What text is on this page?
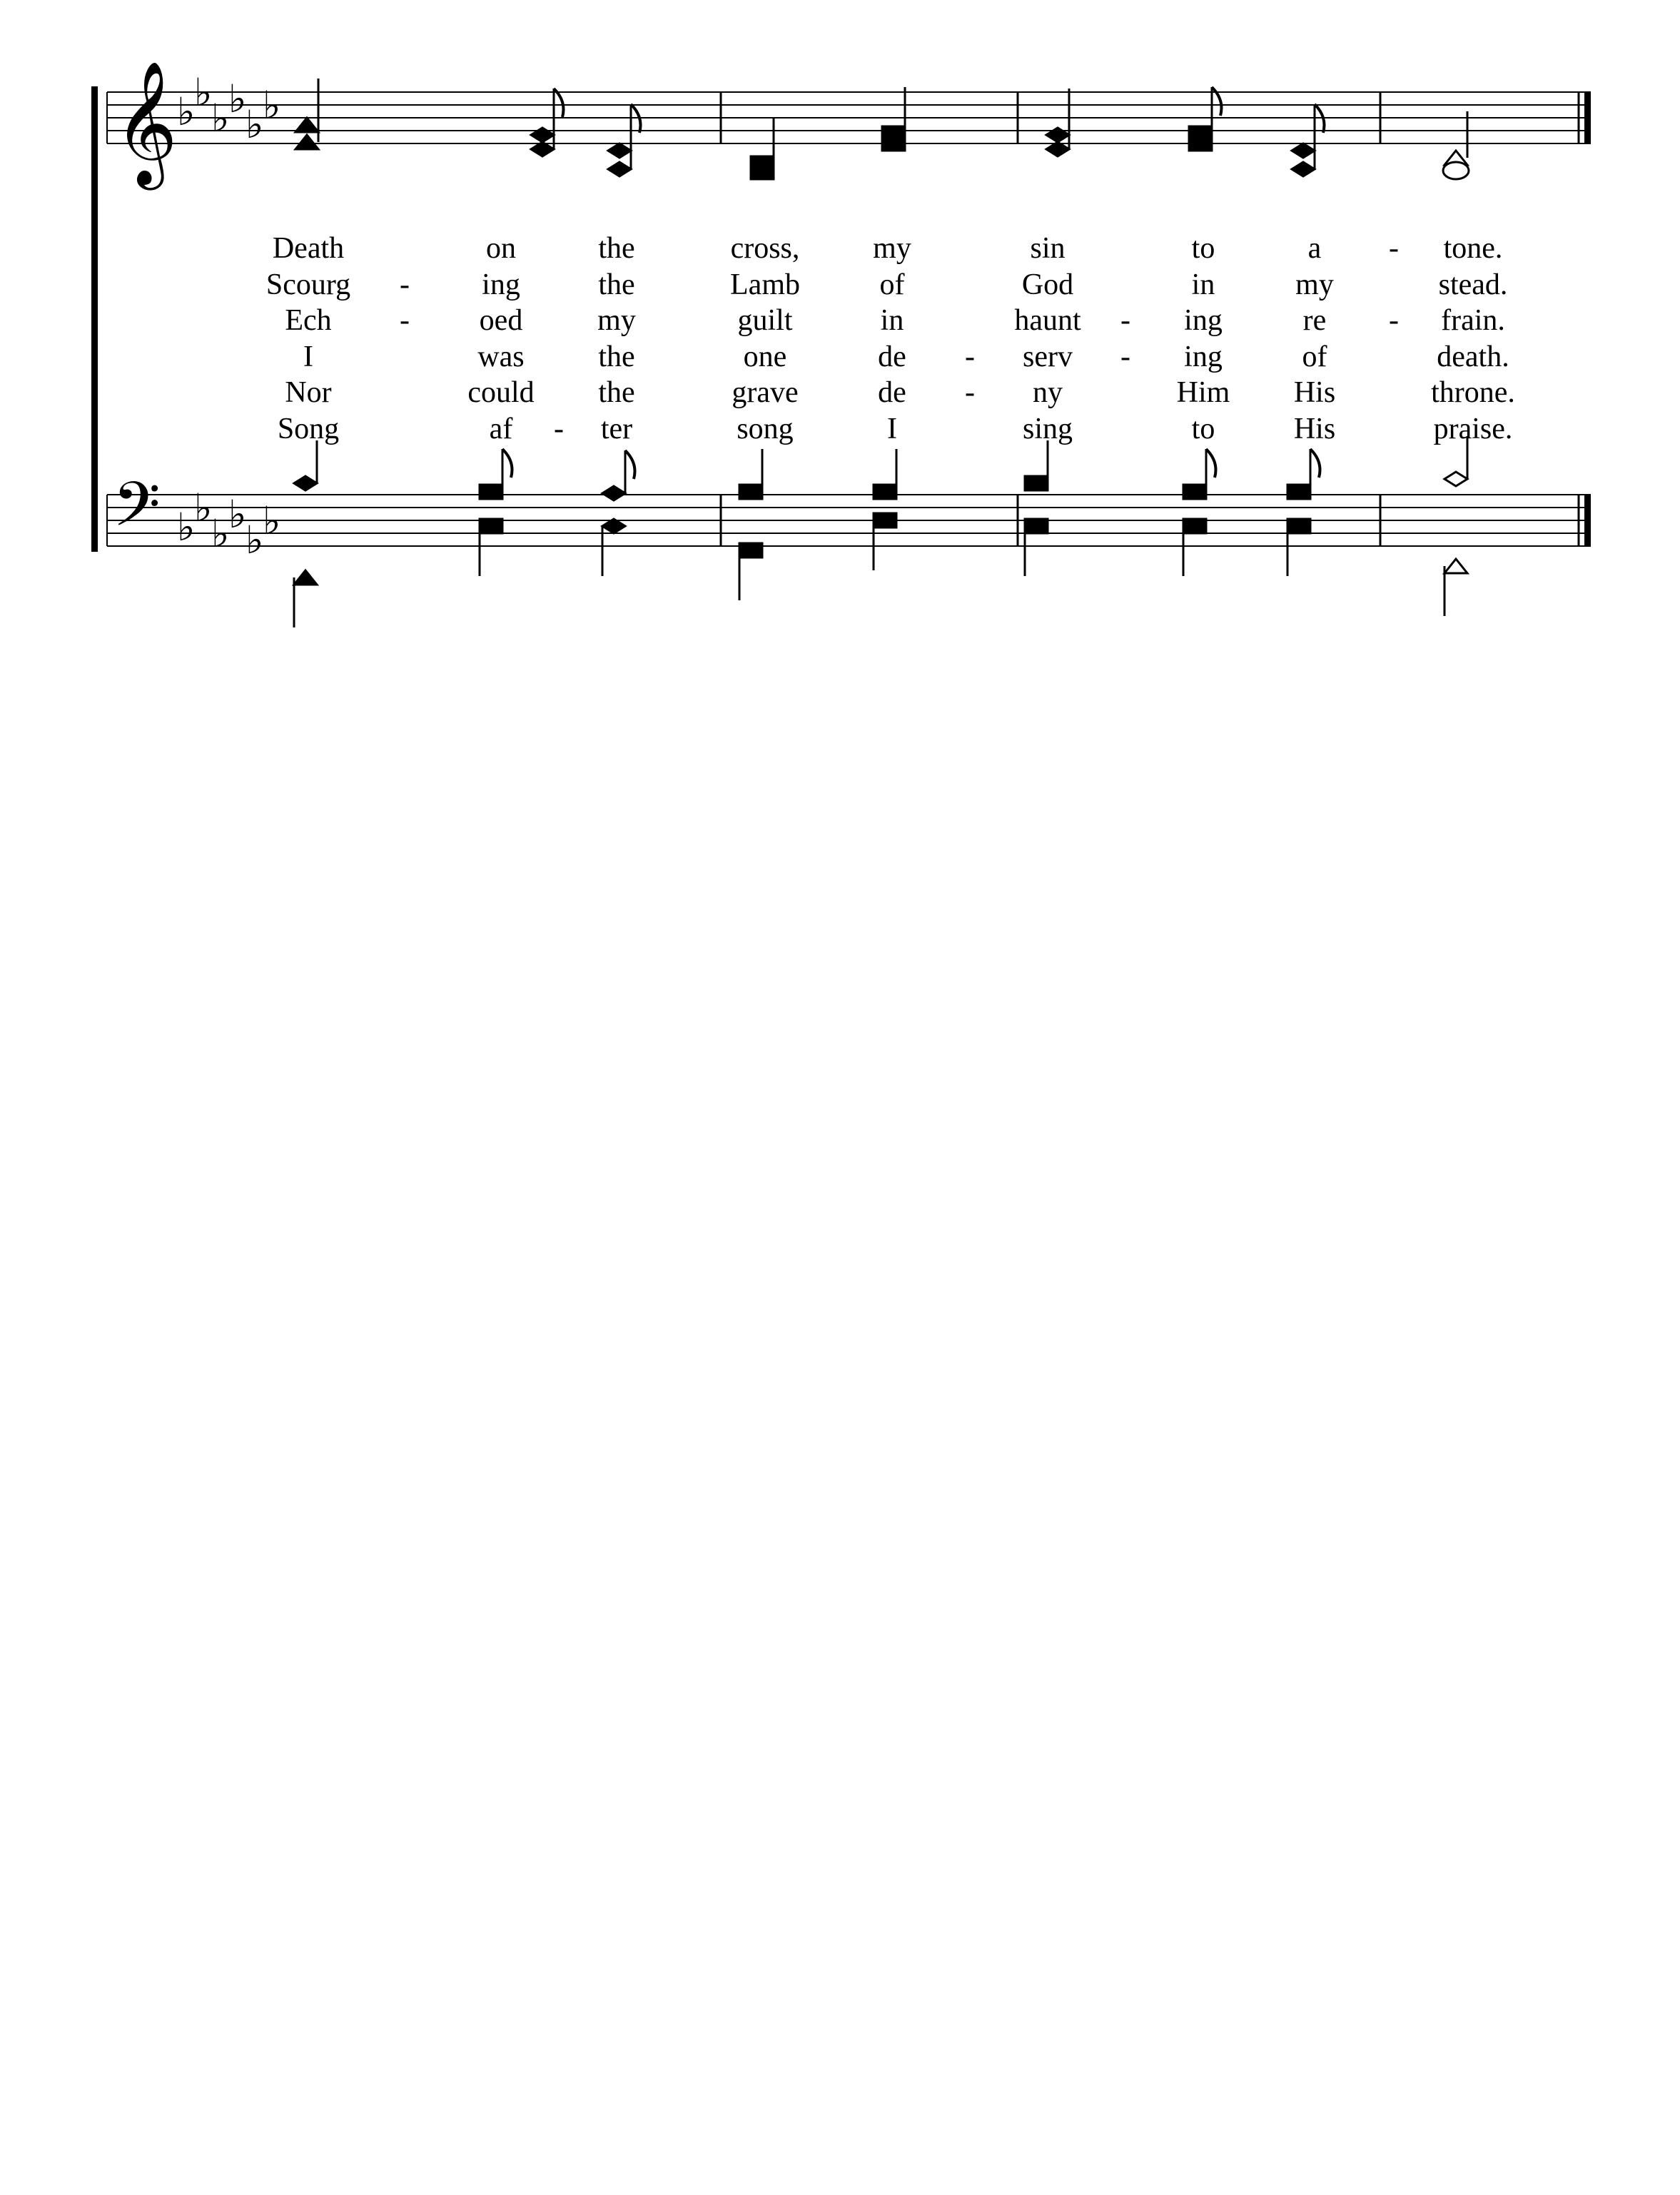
𝄞 ♭
♭
♭
♭
♭
♭
𝄢 ♭
♭
♭
♭
♭
♭
Death	on	the	cross, my	sin	to	a	tone.
-
Scourg	ing	the	Lamb	of	God	in	my	stead.
-
Ech	oed my	guilt	in	haunt	ing	re	frain.
-	-	-
I	was the	one	de	serv	ing	of	death.
-	-
Nor	could the	grave	de	ny	Him His	throne.
-
Song	af	ter	song	I	sing	to	His	praise.
-
